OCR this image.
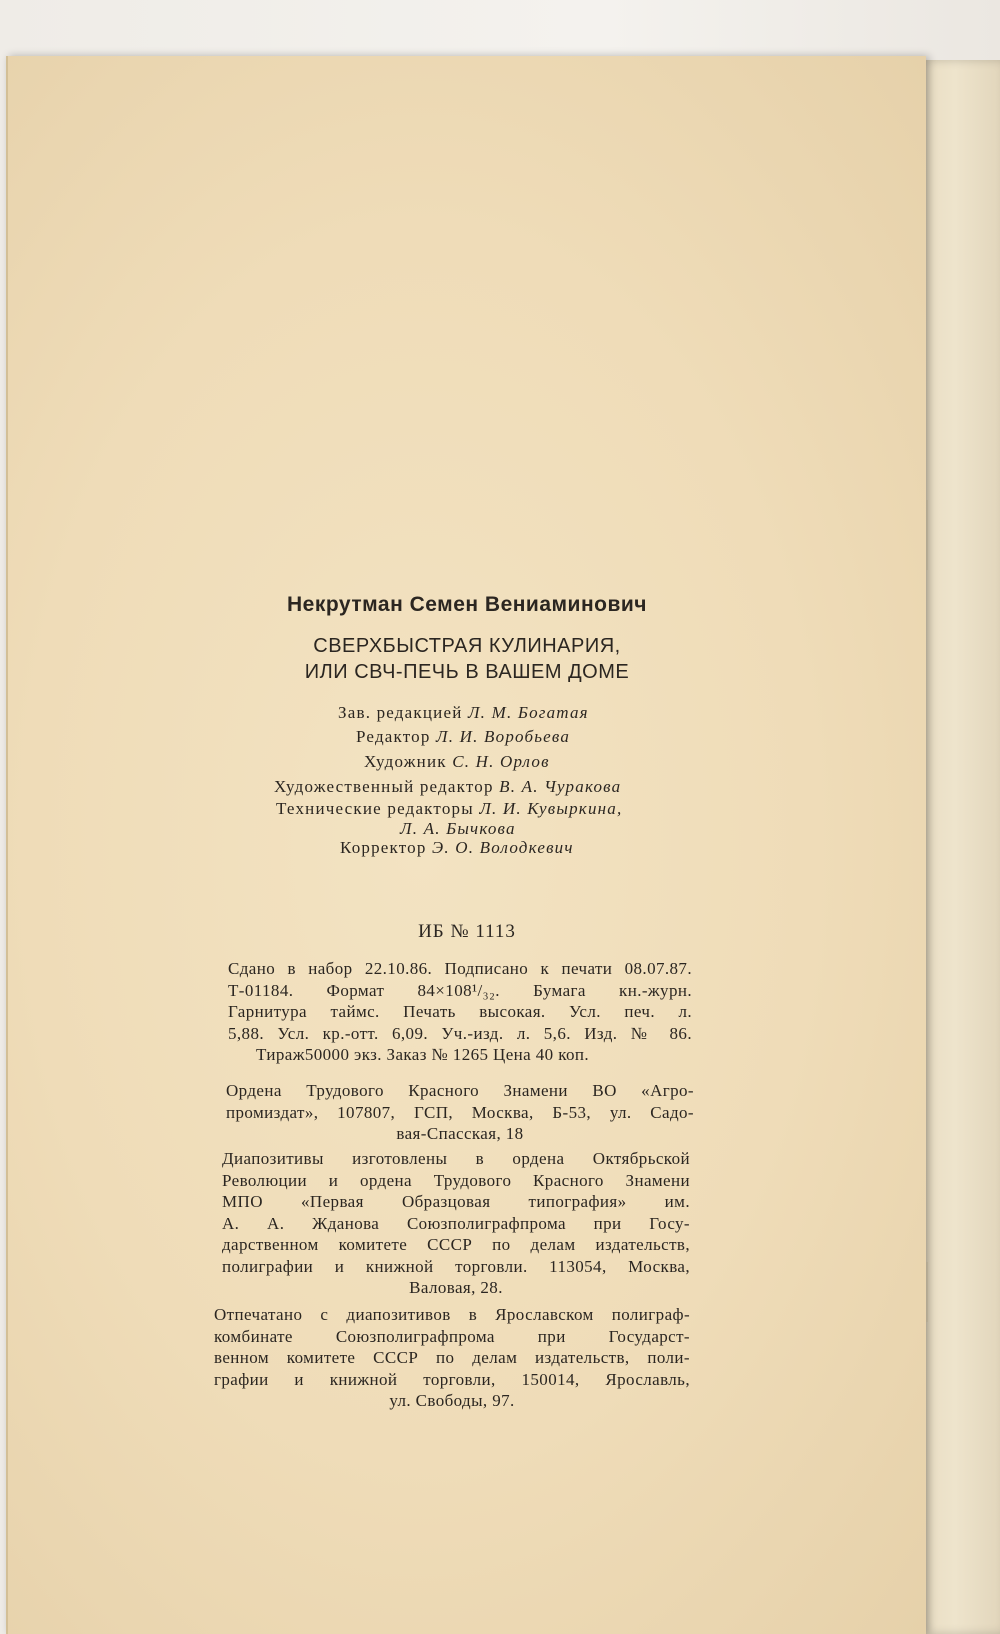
Некрутман Семен Вениаминович
СВЕРХБЫСТРАЯ КУЛИНАРИЯ,
ИЛИ СВЧ-ПЕЧЬ В ВАШЕМ ДОМЕ
Зав. редакцией Л. М. Богатая
Редактор Л. И. Воробьева
Художник С. Н. Орлов
Художественный редактор В. А. Чуракова
Технические редакторы Л. И. Кувыркина,
Л. А. Бычкова
Корректор Э. О. Володкевич
ИБ № 1113
Сдано в набор 22.10.86. Подписано к печати 08.07.87.
Т-01184. Формат 84×108¹/₃₂. Бумага кн.-журн.
Гарнитура таймс. Печать высокая. Усл. печ. л.
5,88. Усл. кр.-отт. 6,09. Уч.-изд. л. 5,6. Изд. № 86.
Тираж50000 экз. Заказ № 1265 Цена 40 коп.
Ордена Трудового Красного Знамени ВО «Агро-
промиздат», 107807, ГСП, Москва, Б-53, ул. Садо-
вая-Спасская, 18
Диапозитивы изготовлены в ордена Октябрьской
Революции и ордена Трудового Красного Знамени
МПО «Первая Образцовая типография» им.
А. А. Жданова Союзполиграфпрома при Госу-
дарственном комитете СССР по делам издательств,
полиграфии и книжной торговли. 113054, Москва,
Валовая, 28.
Отпечатано с диапозитивов в Ярославском полиграф-
комбинате Союзполиграфпрома при Государст-
венном комитете СССР по делам издательств, поли-
графии и книжной торговли, 150014, Ярославль,
ул. Свободы, 97.
